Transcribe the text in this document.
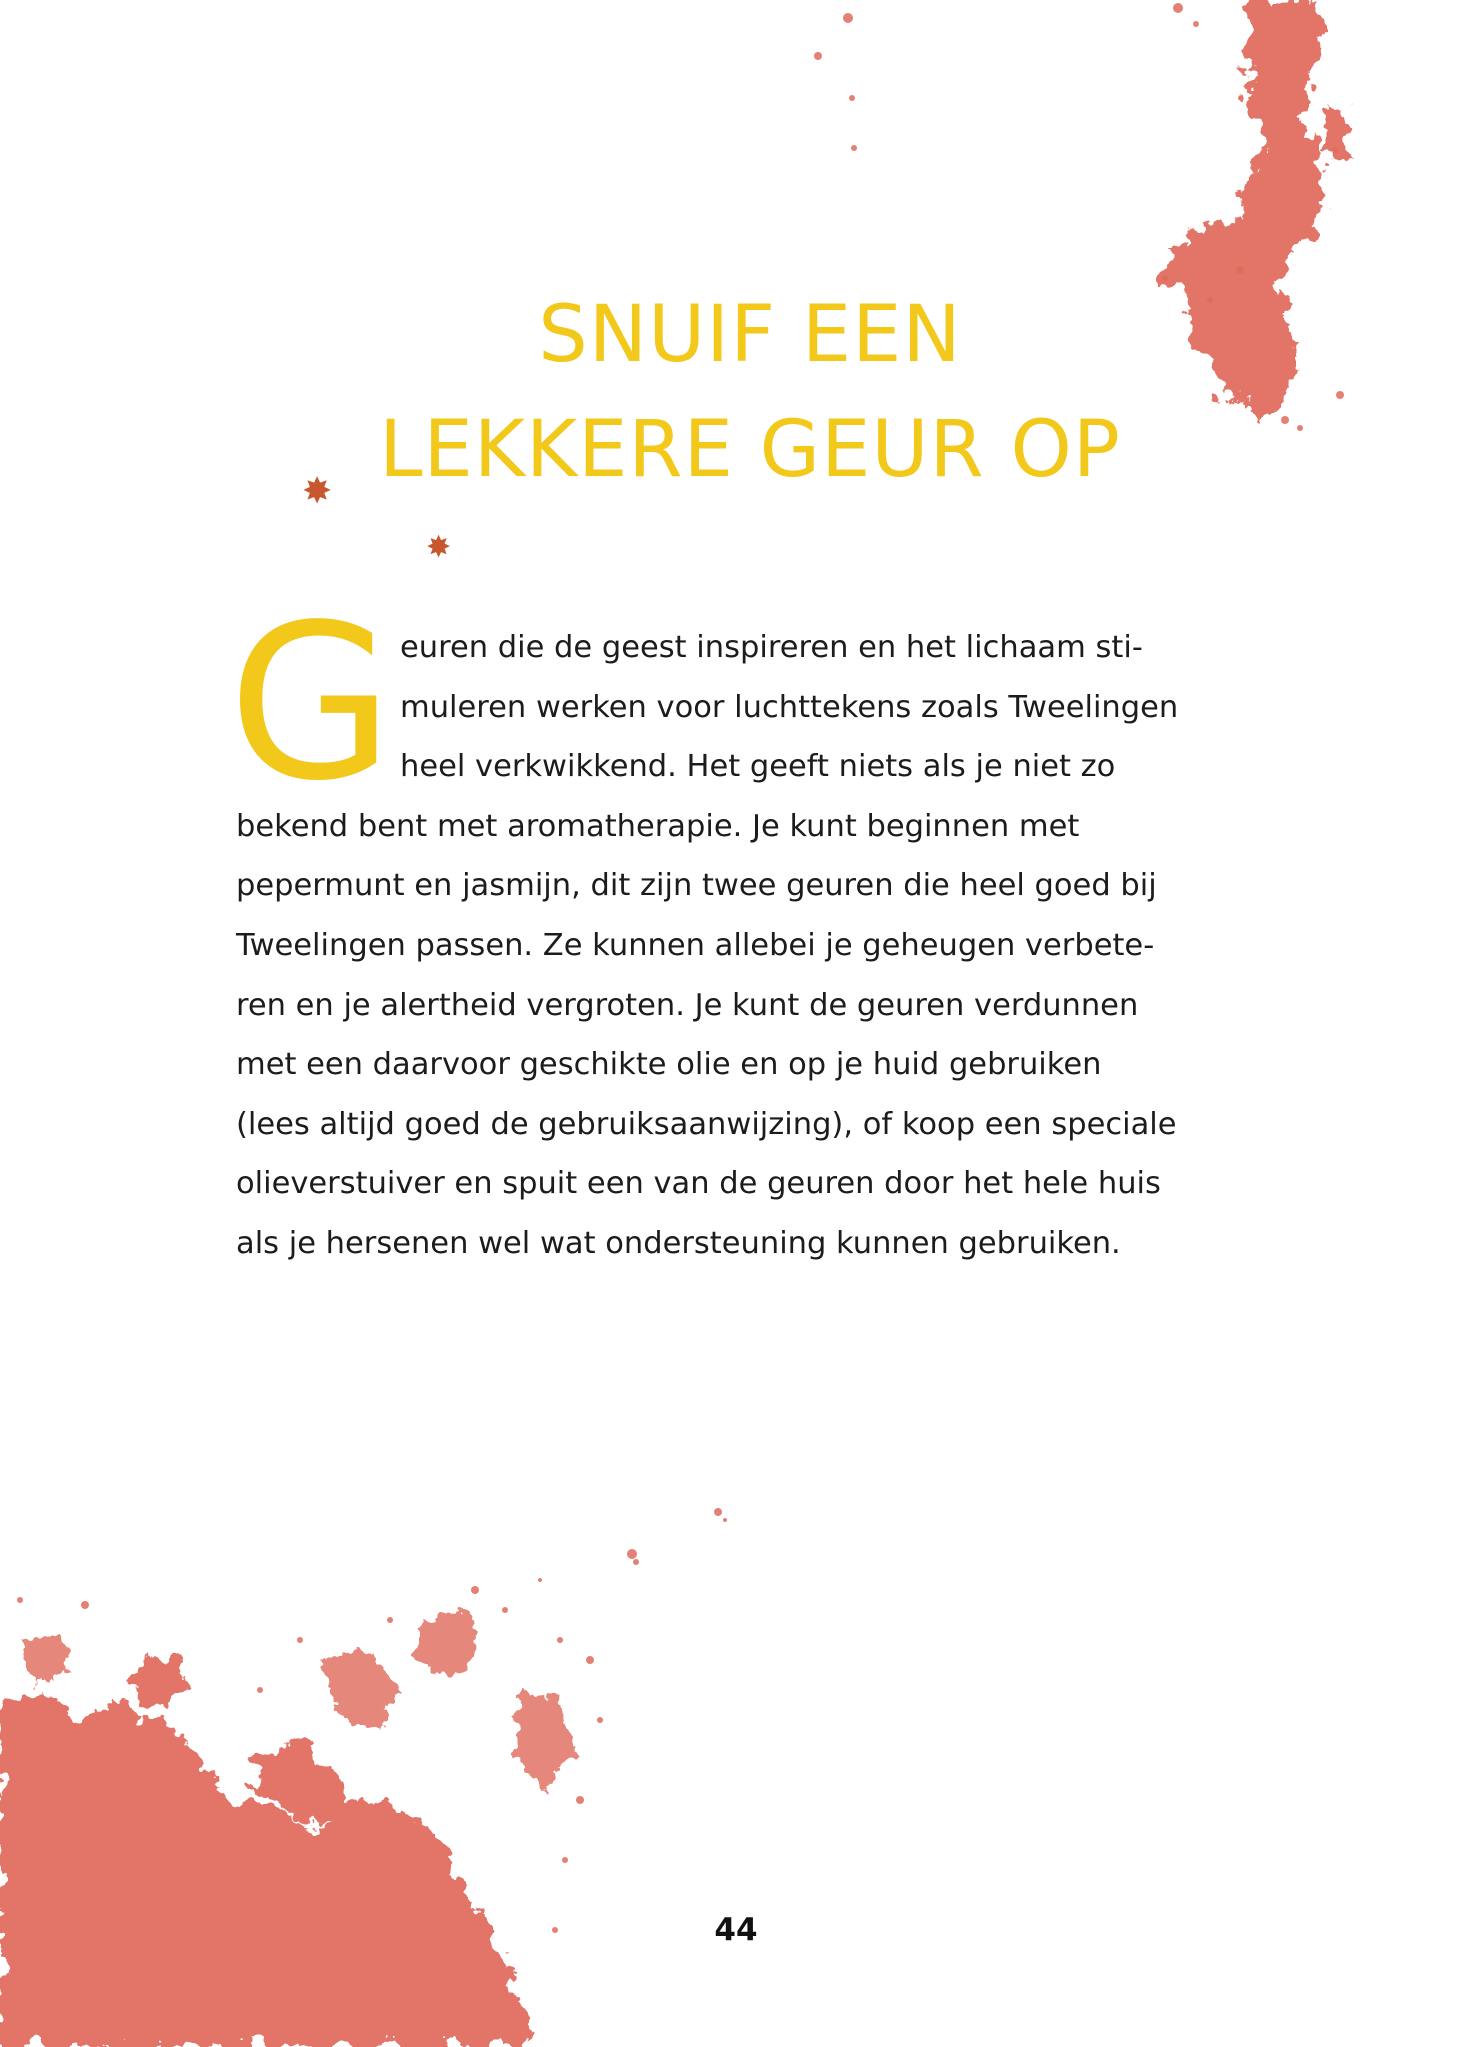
SNUIF EEN
LEKKERE GEUR OP
✸
✸
G euren die de geest inspireren en het lichaam sti-
muleren werken voor luchttekens zoals Tweelingen
heel verkwikkend. Het geeft niets als je niet zo
bekend bent met aromatherapie. Je kunt beginnen met
pepermunt en jasmijn, dit zijn twee geuren die heel goed bij
Tweelingen passen. Ze kunnen allebei je geheugen verbete-
ren en je alertheid vergroten. Je kunt de geuren verdunnen
met een daarvoor geschikte olie en op je huid gebruiken
(lees altijd goed de gebruiksaanwijzing), of koop een speciale
olieverstuiver en spuit een van de geuren door het hele huis
als je hersenen wel wat ondersteuning kunnen gebruiken.
44
